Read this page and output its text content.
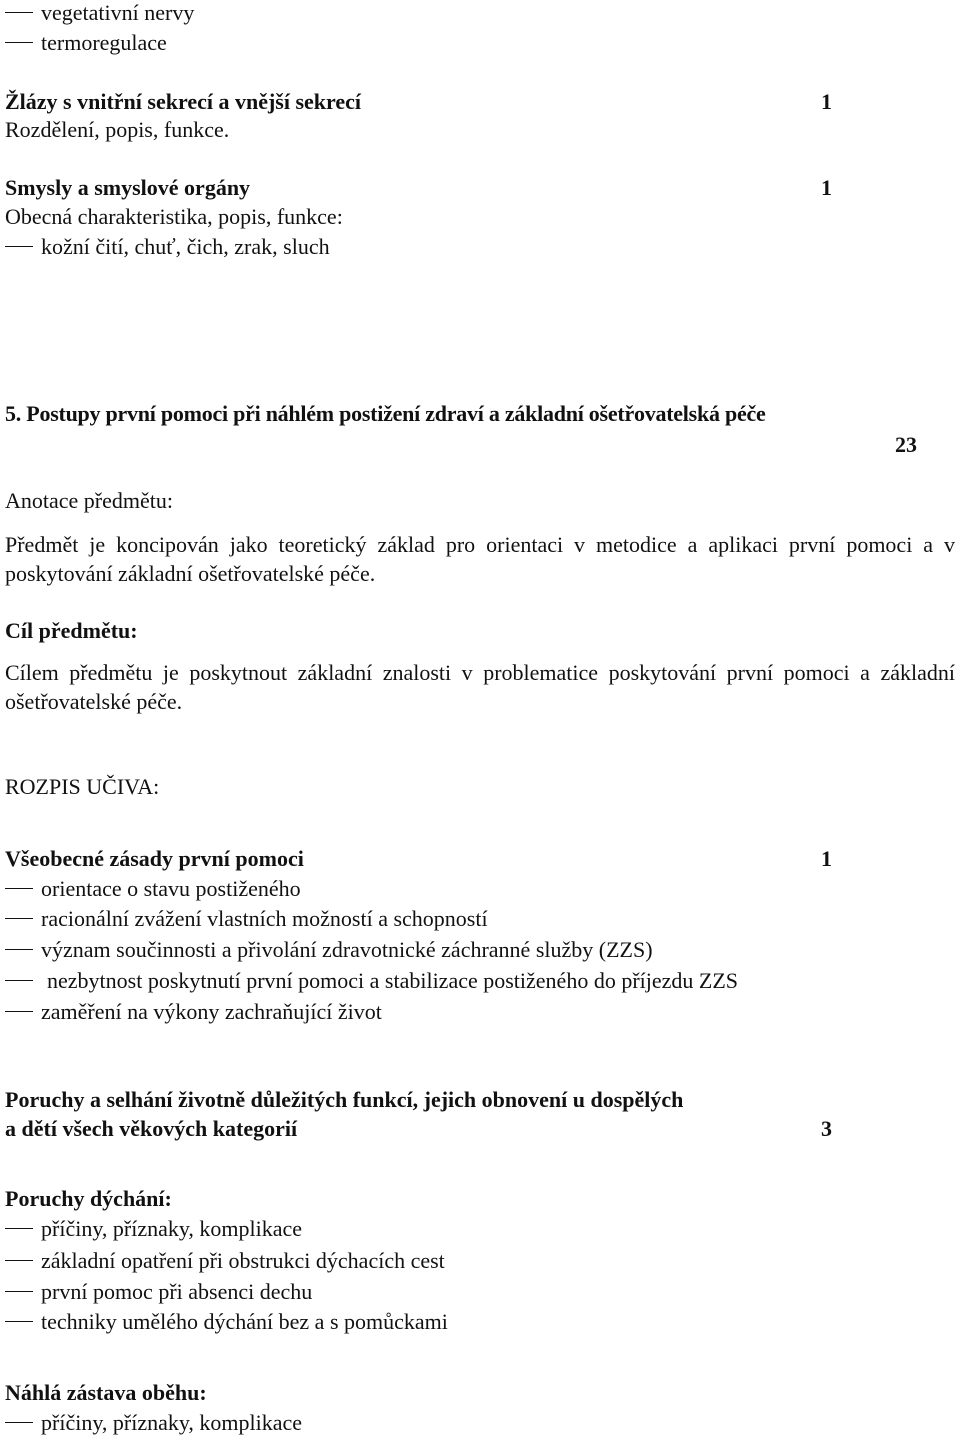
vegetativní nervy
termoregulace
Žlázy s vnitřní sekrecí a vnější sekrecí	1
Rozdělení, popis, funkce.
Smysly a smyslové orgány	1
Obecná charakteristika, popis, funkce:
kožní čití, chuť, čich, zrak, sluch
5. Postupy první pomoci při náhlém postižení zdraví a základní ošetřovatelská péče
23
Anotace předmětu:
Předmět je koncipován jako teoretický základ pro orientaci v metodice a aplikaci první pomoci a v poskytování základní ošetřovatelské péče.
Cíl předmětu:
Cílem předmětu je poskytnout základní znalosti v problematice poskytování první pomoci a základní ošetřovatelské péče.
ROZPIS UČIVA:
Všeobecné zásady první pomoci	1
orientace o stavu postiženého
racionální zvážení vlastních možností a schopností
význam součinnosti a přivolání zdravotnické záchranné služby (ZZS)
nezbytnost poskytnutí první pomoci a stabilizace postiženého do příjezdu ZZS
zaměření na výkony zachraňující život
Poruchy a selhání životně důležitých funkcí, jejich obnovení u dospělých
a dětí všech věkových kategorií	3
Poruchy dýchání:
příčiny, příznaky, komplikace
základní opatření při obstrukci dýchacích cest
první pomoc při absenci dechu
techniky umělého dýchání bez a s pomůckami
Náhlá zástava oběhu:
příčiny, příznaky, komplikace
